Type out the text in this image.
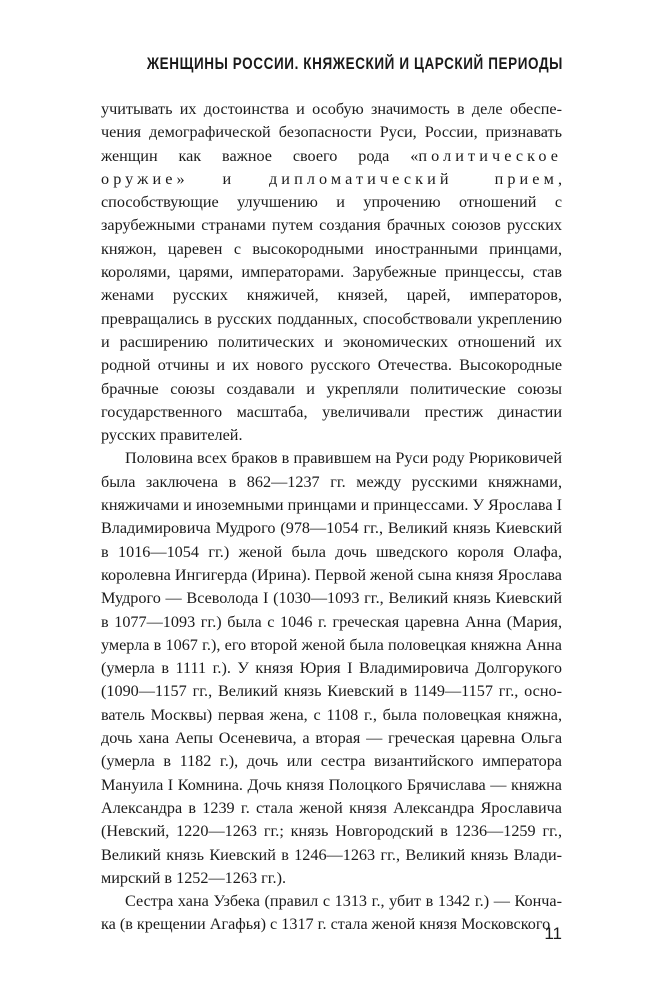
ЖЕНЩИНЫ РОССИИ. КНЯЖЕСКИЙ И ЦАРСКИЙ ПЕРИОДЫ

учитывать их достоинства и особую значимость в деле обеспечения демографической безопасности Руси, России, признавать женщин как важное своего рода «политическое оружие» и дипломатический прием, способствующие улучшению и упрочению отношений с зарубежными странами путем создания брачных союзов русских княжон, царевен с высокородными иностранными принцами, королями, царями, императорами. Зарубежные принцессы, став женами русских княжичей, князей, царей, императоров, превращались в русских подданных, способствовали укреплению и расширению политических и экономических отношений их родной отчины и их нового русского Отечества. Высокородные брачные союзы создавали и укрепляли политические союзы государственного масштаба, увеличивали престиж династии русских правителей.

Половина всех браков в правившем на Руси роду Рюриковичей была заключена в 862—1237 гг. между русскими княжнами, княжичами и иноземными принцами и принцессами. У Ярослава I Владимировича Мудрого (978—1054 гг., Великий князь Киевский в 1016—1054 гг.) женой была дочь шведского короля Олафа, королевна Ингигерда (Ирина). Первой женой сына князя Ярослава Мудрого — Всеволода I (1030—1093 гг., Великий князь Киевский в 1077—1093 гг.) была с 1046 г. греческая царевна Анна (Мария, умерла в 1067 г.), его второй женой была половецкая княжна Анна (умерла в 1111 г.). У князя Юрия I Владимировича Долгорукого (1090—1157 гг., Великий князь Киевский в 1149—1157 гг., основатель Москвы) первая жена, с 1108 г., была половецкая княжна, дочь хана Аепы Осеневича, а вторая — греческая царевна Ольга (умерла в 1182 г.), дочь или сестра византийского императора Мануила I Комнина. Дочь князя Полоцкого Брячислава — княжна Александра в 1239 г. стала женой князя Александра Ярославича (Невский, 1220—1263 гг.; князь Новгородский в 1236—1259 гг., Великий князь Киевский в 1246—1263 гг., Великий князь Владимирский в 1252—1263 гг.).

Сестра хана Узбека (правил с 1313 г., убит в 1342 г.) — Кончака (в крещении Агафья) с 1317 г. стала женой князя Московского

11
